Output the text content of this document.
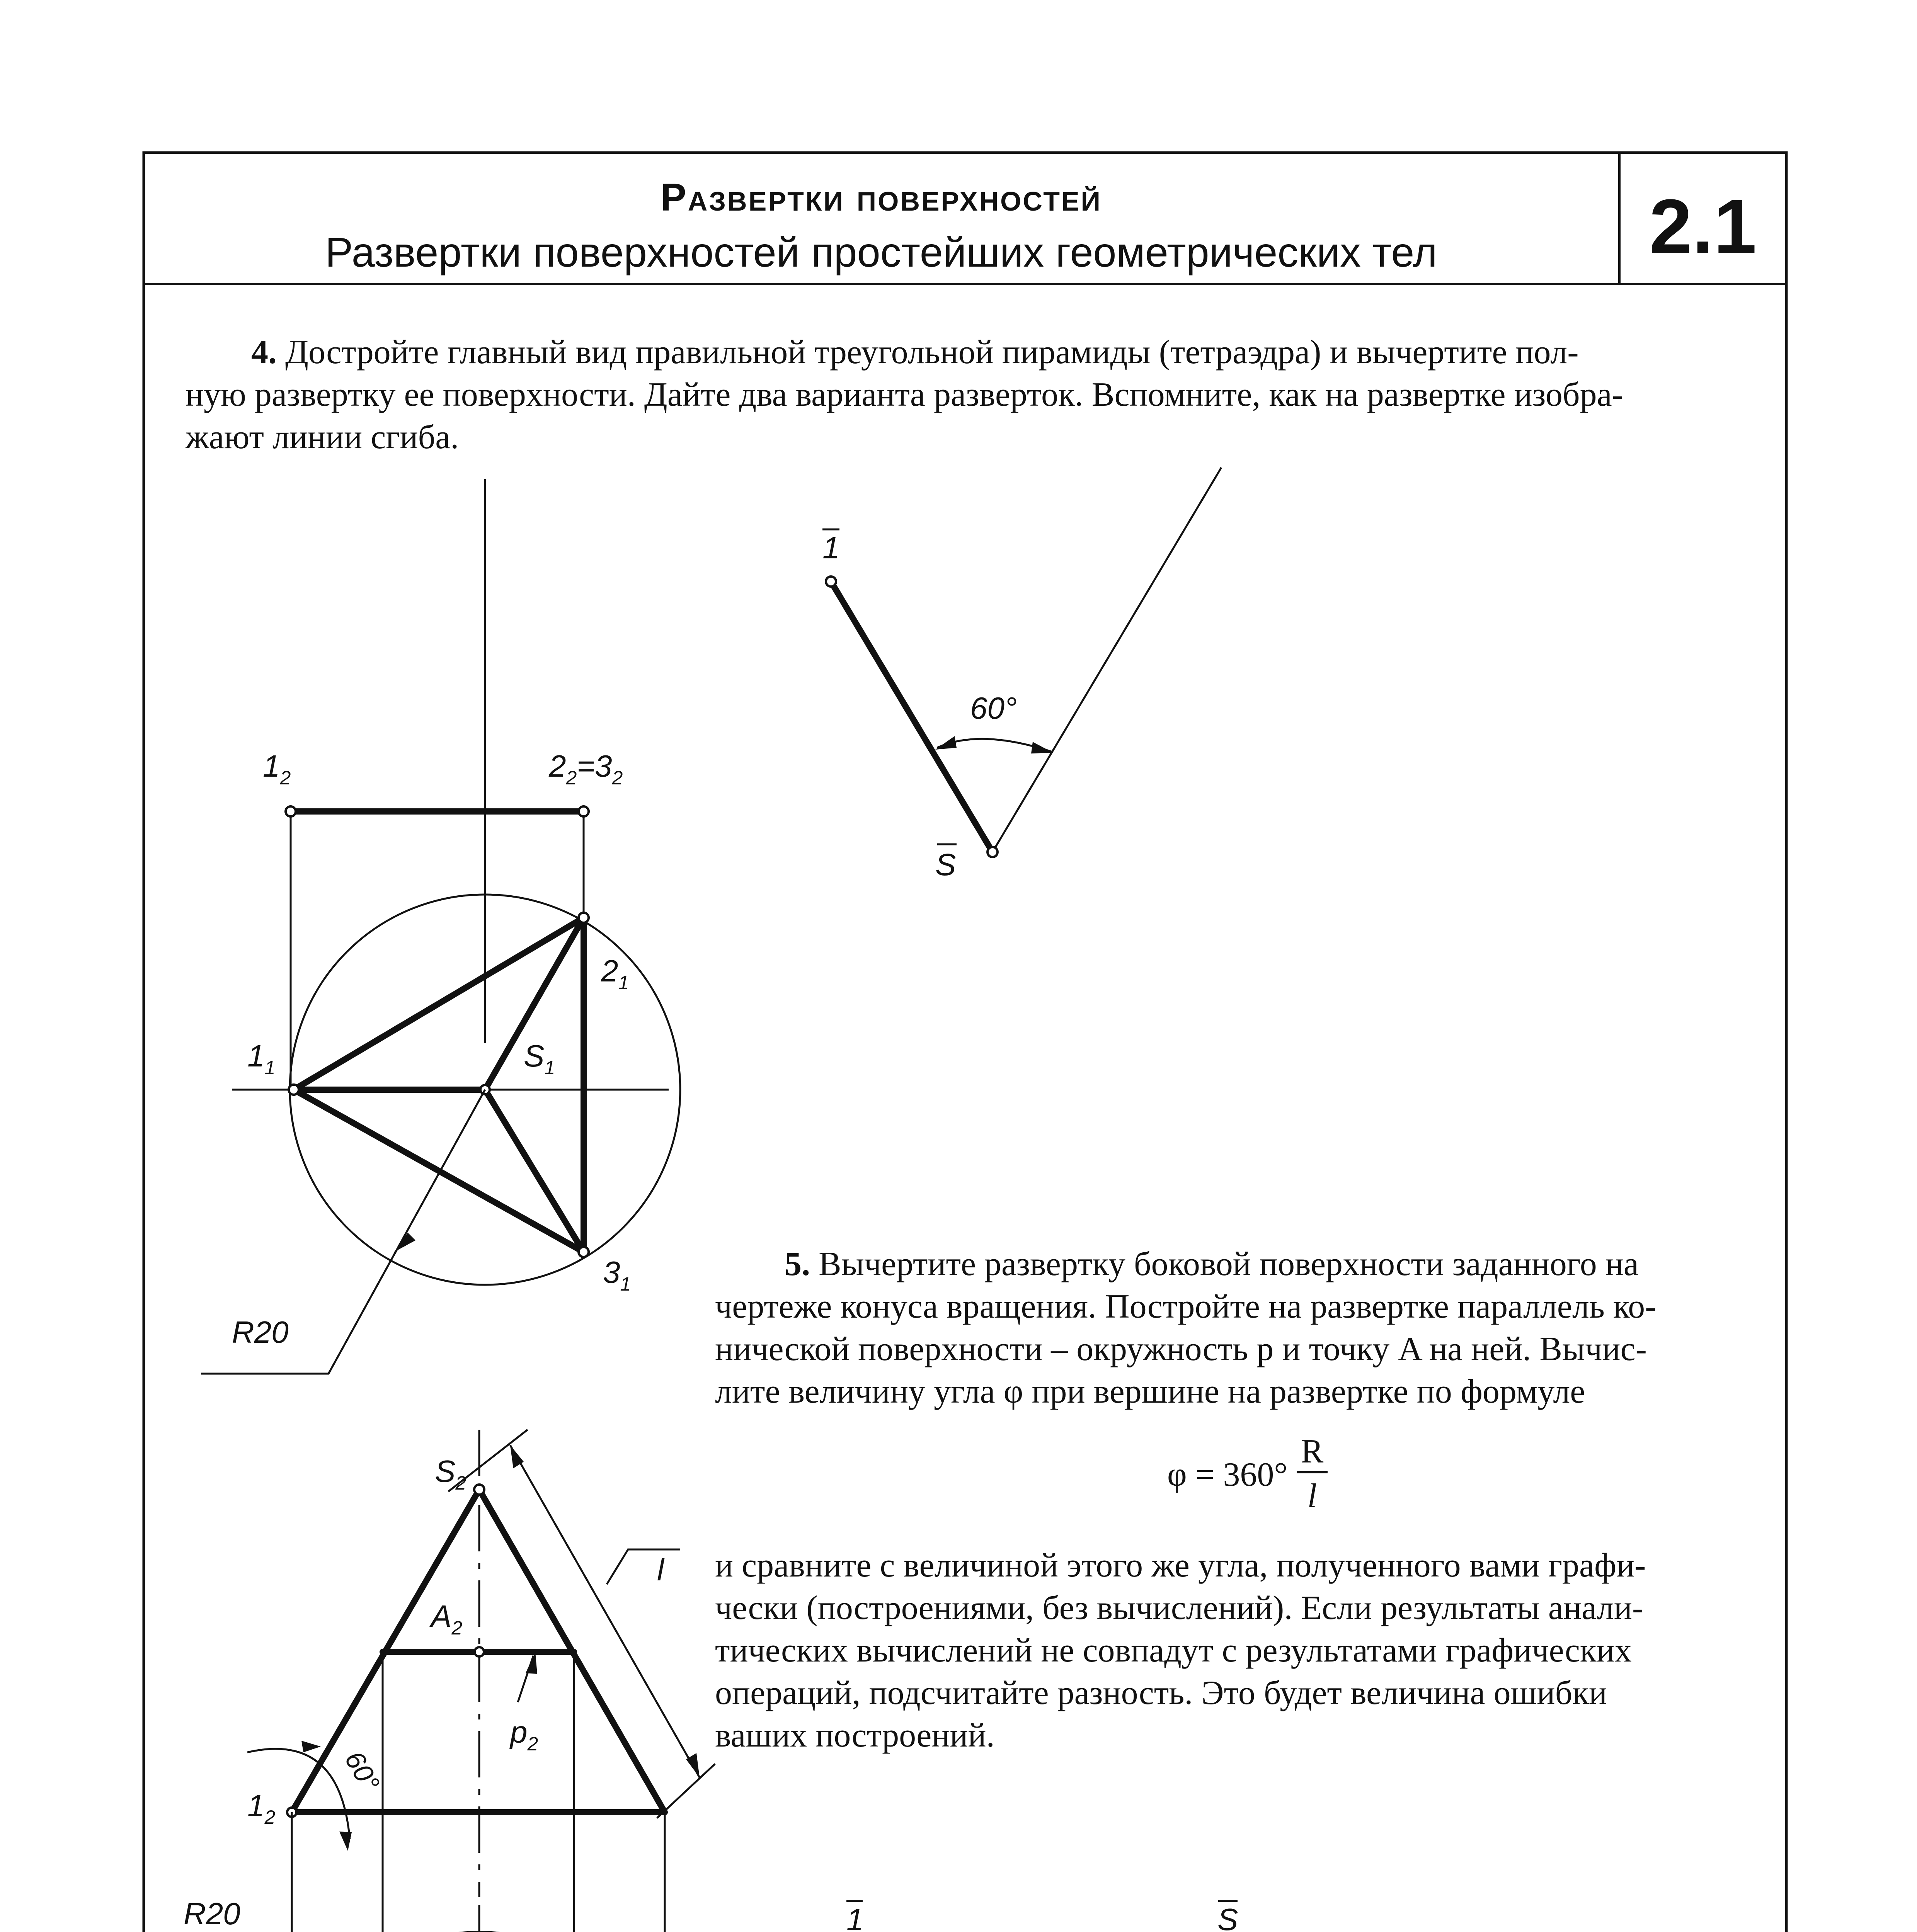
Развертки поверхностей
Развертки поверхностей простейших геометрических тел	2.1
4. Достройте главный вид правильной треугольной пирамиды (тетраэдра) и вычертите пол-
ную развертку ее поверхности. Дайте два варианта разверток. Вспомните, как на развертке изобра-
жают линии сгиба.
$1_2$	$2_2=3_2$
$1_1$
$2_1$
$3_1$
$S_1$
R20
60°
1
S
5. Вычертите развертку боковой поверхности заданного на
чертеже конуса вращения. Постройте на развертке параллель ко-
нической поверхности – окружность p и точку A на ней. Вычис-
лите величину угла φ при вершине на развертке по формуле
φ = 360°
R
l
и сравните с величиной этого же угла, полученного вами графи-
чески (построениями, без вычислений). Если результаты анали-
тических вычислений не совпадут с результатами графических
операций, подсчитайте разность. Это будет величина ошибки
ваших построений.
$S_2$
$A_2$
$p_2$
$1_2$
l
60°
R20	1	S
